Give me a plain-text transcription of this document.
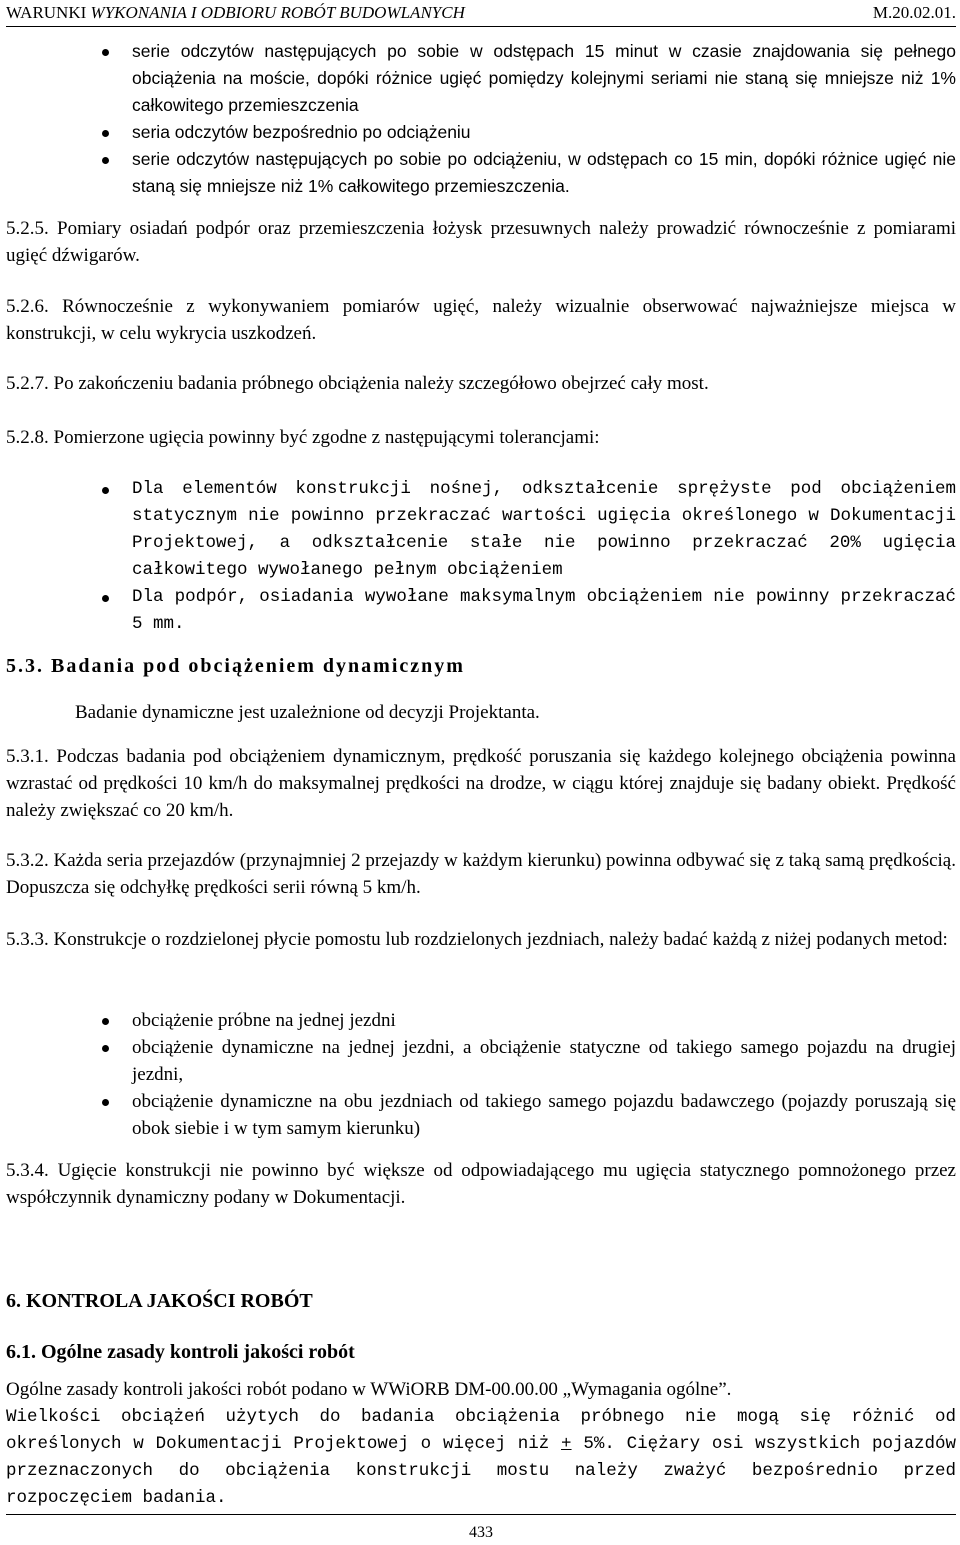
WARUNKI WYKONANIA I ODBIORU ROBÓT BUDOWLANYCH	M.20.02.01.
serie odczytów następujących po sobie w odstępach 15 minut w czasie znajdowania się pełnego obciążenia na moście, dopóki różnice ugięć pomiędzy kolejnymi seriami nie staną się mniejsze niż 1% całkowitego przemieszczenia
seria odczytów bezpośrednio po odciążeniu
serie odczytów następujących po sobie po odciążeniu, w odstępach co 15 min, dopóki różnice ugięć nie staną się mniejsze niż 1% całkowitego przemieszczenia.
5.2.5. Pomiary osiadań podpór oraz przemieszczenia łożysk przesuwnych należy prowadzić równocześnie z pomiarami ugięć dźwigarów.
5.2.6. Równocześnie z wykonywaniem pomiarów ugięć, należy wizualnie obserwować najważniejsze miejsca w konstrukcji, w celu wykrycia uszkodzeń.
5.2.7. Po zakończeniu badania próbnego obciążenia należy szczegółowo obejrzeć cały most.
5.2.8. Pomierzone ugięcia powinny być zgodne z następującymi tolerancjami:
Dla elementów konstrukcji nośnej, odkształcenie sprężyste pod obciążeniem statycznym nie powinno przekraczać wartości ugięcia określonego w Dokumentacji Projektowej, a odkształcenie stałe nie powinno przekraczać 20% ugięcia całkowitego wywołanego pełnym obciążeniem
Dla podpór, osiadania wywołane maksymalnym obciążeniem nie powinny przekraczać 5 mm.
5.3. Badania pod obciążeniem dynamicznym
Badanie dynamiczne jest uzależnione od decyzji Projektanta.
5.3.1. Podczas badania pod obciążeniem dynamicznym, prędkość poruszania się każdego kolejnego obciążenia powinna wzrastać od prędkości 10 km/h do maksymalnej prędkości na drodze, w ciągu której znajduje się badany obiekt. Prędkość należy zwiększać co 20 km/h.
5.3.2. Każda seria przejazdów (przynajmniej 2 przejazdy w każdym kierunku) powinna odbywać się z taką samą prędkością. Dopuszcza się odchyłkę prędkości serii równą 5 km/h.
5.3.3. Konstrukcje o rozdzielonej płycie pomostu lub rozdzielonych jezdniach, należy badać każdą z niżej podanych metod:
obciążenie próbne na jednej jezdni
obciążenie dynamiczne na jednej jezdni, a obciążenie statyczne od takiego samego pojazdu na drugiej jezdni,
obciążenie dynamiczne na obu jezdniach od takiego samego pojazdu badawczego (pojazdy poruszają się obok siebie i w tym samym kierunku)
5.3.4. Ugięcie konstrukcji nie powinno być większe od odpowiadającego mu ugięcia statycznego pomnożonego przez współczynnik dynamiczny podany w Dokumentacji.
6. KONTROLA JAKOŚCI ROBÓT
6.1. Ogólne zasady kontroli jakości robót
Ogólne zasady kontroli jakości robót podano w WWiORB DM-00.00.00 „Wymagania ogólne”.
Wielkości obciążeń użytych do badania obciążenia próbnego nie mogą się różnić od określonych w Dokumentacji Projektowej o więcej niż + 5%. Ciężary osi wszystkich pojazdów przeznaczonych do obciążenia konstrukcji mostu należy zważyć bezpośrednio przed rozpoczęciem badania.
433
